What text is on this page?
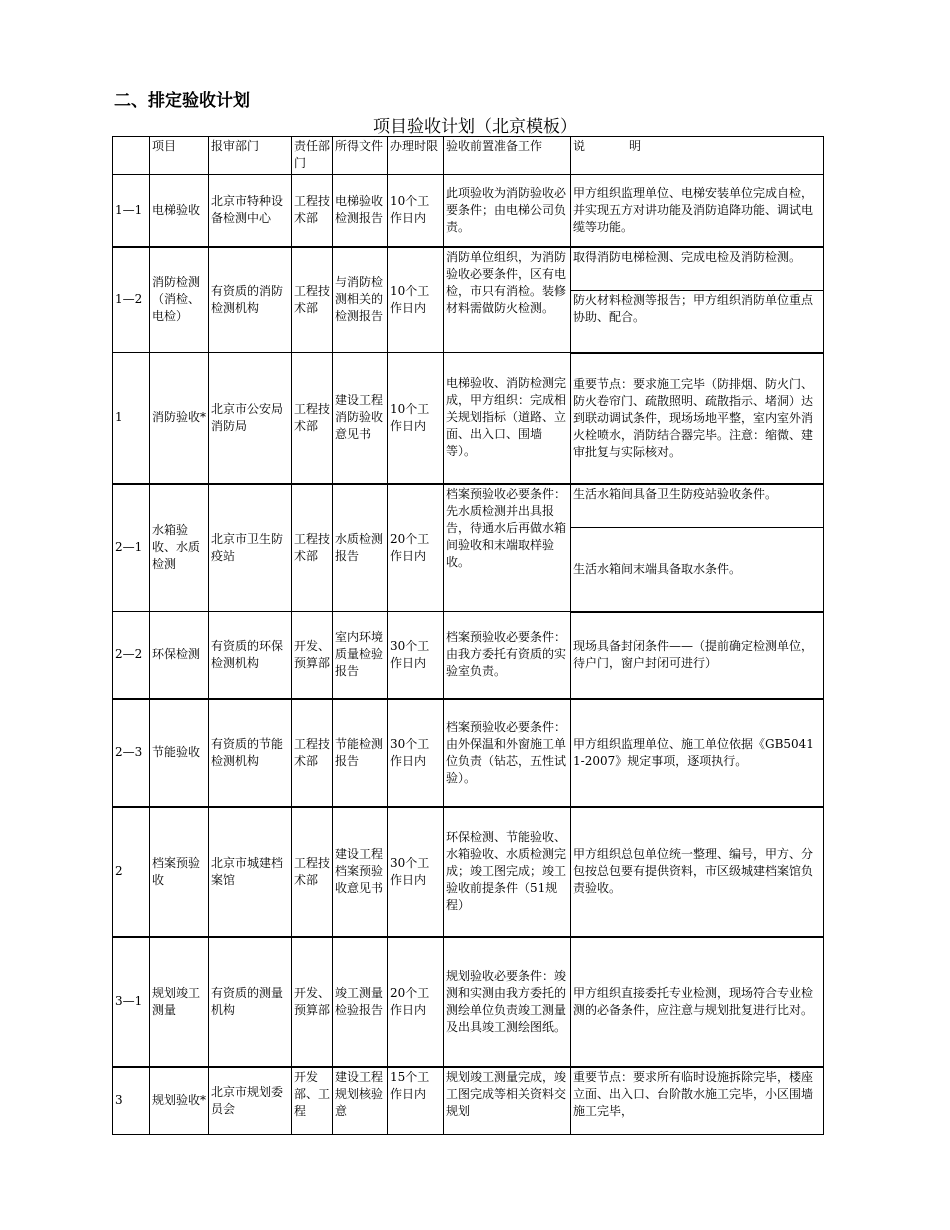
二、排定验收计划
项目验收计划（北京模板）
	项目	报审部门	责任部门	所得文件	办理时限	验收前置准备工作	说　　　明
1—1	电梯验收	北京市特种设备检测中心	工程技术部	电梯验收检测报告	10个工作日内	此项验收为消防验收必要条件；由电梯公司负责。	甲方组织监理单位、电梯安装单位完成自检，并实现五方对讲功能及消防追降功能、调试电缆等功能。
1—2	消防检测（消检、电检）	有资质的消防检测机构	工程技术部	与消防检测相关的检测报告	10个工作日内	消防单位组织，为消防验收必要条件，区有电检，市只有消检。装修材料需做防火检测。	取得消防电梯检测、完成电检及消防检测。
							防火材料检测等报告；甲方组织消防单位重点协助、配合。
1	消防验收*	北京市公安局消防局	工程技术部	建设工程消防验收意见书	10个工作日内	电梯验收、消防检测完成，甲方组织：完成相关规划指标（道路、立面、出入口、围墙等）。	重要节点：要求施工完毕（防排烟、防火门、防火卷帘门、疏散照明、疏散指示、堵洞）达到联动调试条件，现场场地平整，室内室外消火栓喷水，消防结合器完毕。注意：缩微、建审批复与实际核对。
2—1	水箱验收、水质检测	北京市卫生防疫站	工程技术部	水质检测报告	20个工作日内	档案预验收必要条件：先水质检测并出具报告，待通水后再做水箱间验收和末端取样验收。	生活水箱间具备卫生防疫站验收条件。
							生活水箱间末端具备取水条件。
2—2	环保检测	有资质的环保检测机构	开发、预算部	室内环境质量检验报告	30个工作日内	档案预验收必要条件：由我方委托有资质的实验室负责。	现场具备封闭条件——（提前确定检测单位，待户门，窗户封闭可进行）
2—3	节能验收	有资质的节能检测机构	工程技术部	节能检测报告	30个工作日内	档案预验收必要条件：由外保温和外窗施工单位负责（钻芯，五性试验）。	甲方组织监理单位、施工单位依据《GB50411-2007》规定事项，逐项执行。
2	档案预验收	北京市城建档案馆	工程技术部	建设工程档案预验收意见书	30个工作日内	环保检测、节能验收、水箱验收、水质检测完成；竣工图完成；竣工验收前提条件（51规程）	甲方组织总包单位统一整理、编号，甲方、分包按总包要有提供资料，市区级城建档案馆负责验收。
3—1	规划竣工测量	有资质的测量机构	开发、预算部	竣工测量检验报告	20个工作日内	规划验收必要条件：竣测和实测由我方委托的测绘单位负责竣工测量及出具竣工测绘图纸。	甲方组织直接委托专业检测，现场符合专业检测的必备条件，应注意与规划批复进行比对。
3	规划验收*	北京市规划委员会	开发部、工程	建设工程规划核验意	15个工作日内	规划竣工测量完成，竣工图完成等相关资料交规划	重要节点：要求所有临时设施拆除完毕，楼座立面、出入口、台阶散水施工完毕，小区围墙施工完毕，
